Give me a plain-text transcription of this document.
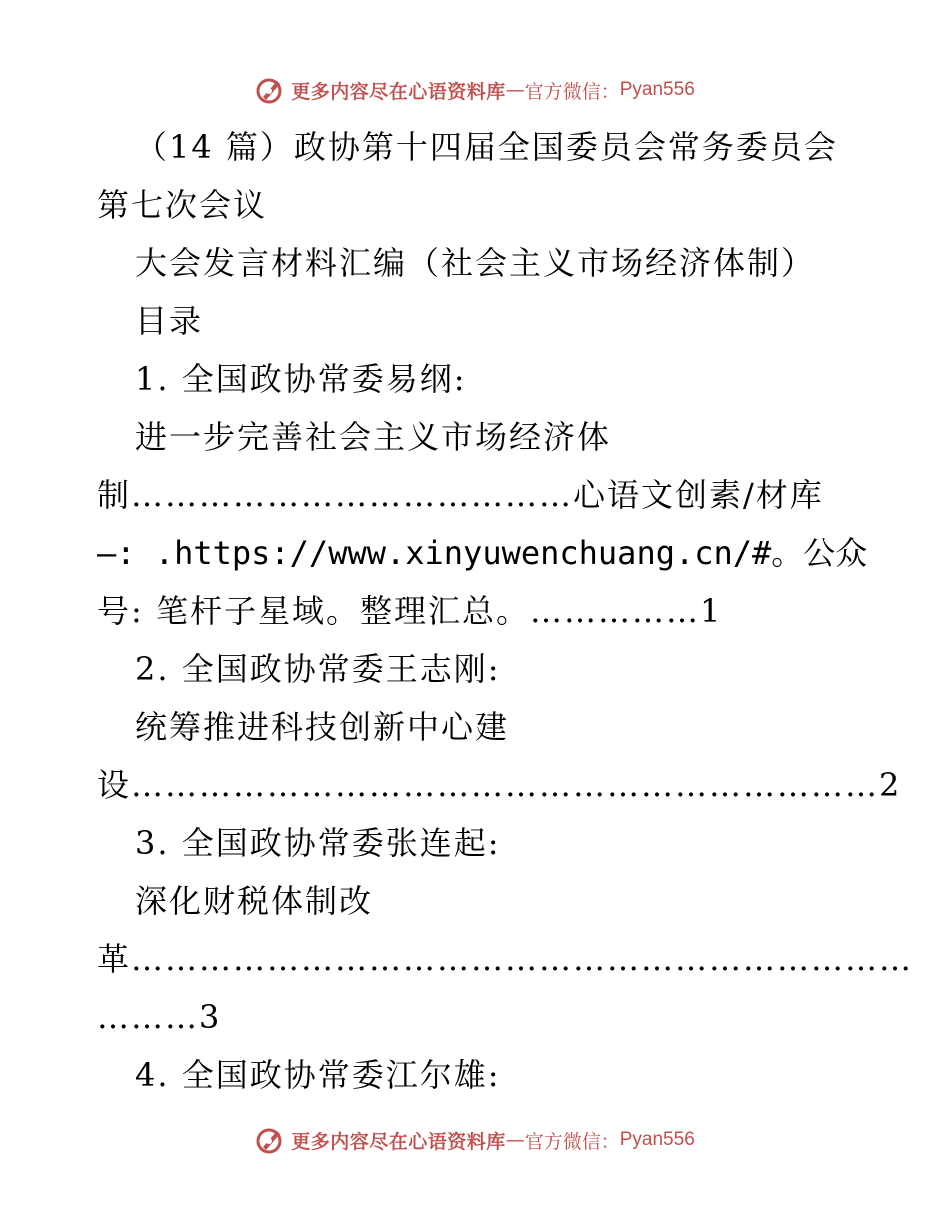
更多内容尽在心语资料库 — 官方微信： Pyan556
（14 篇）政协第十四届全国委员会常务委员会
第七次会议
大会发言材料汇编（社会主义市场经济体制）
目录
1. 全国政协常委易纲:
进一步完善社会主义市场经济体
制…………………………………心语文创素/材库
—: .https://www.xinyuwenchuang.cn/#。公众
号: 笔杆子星域。整理汇总。……………1
2. 全国政协常委王志刚:
统筹推进科技创新中心建
设…………………………………………………………2
3. 全国政协常委张连起:
深化财税体制改
革……………………………………………………………
………3
4. 全国政协常委江尔雄:
更多内容尽在心语资料库 — 官方微信： Pyan556
